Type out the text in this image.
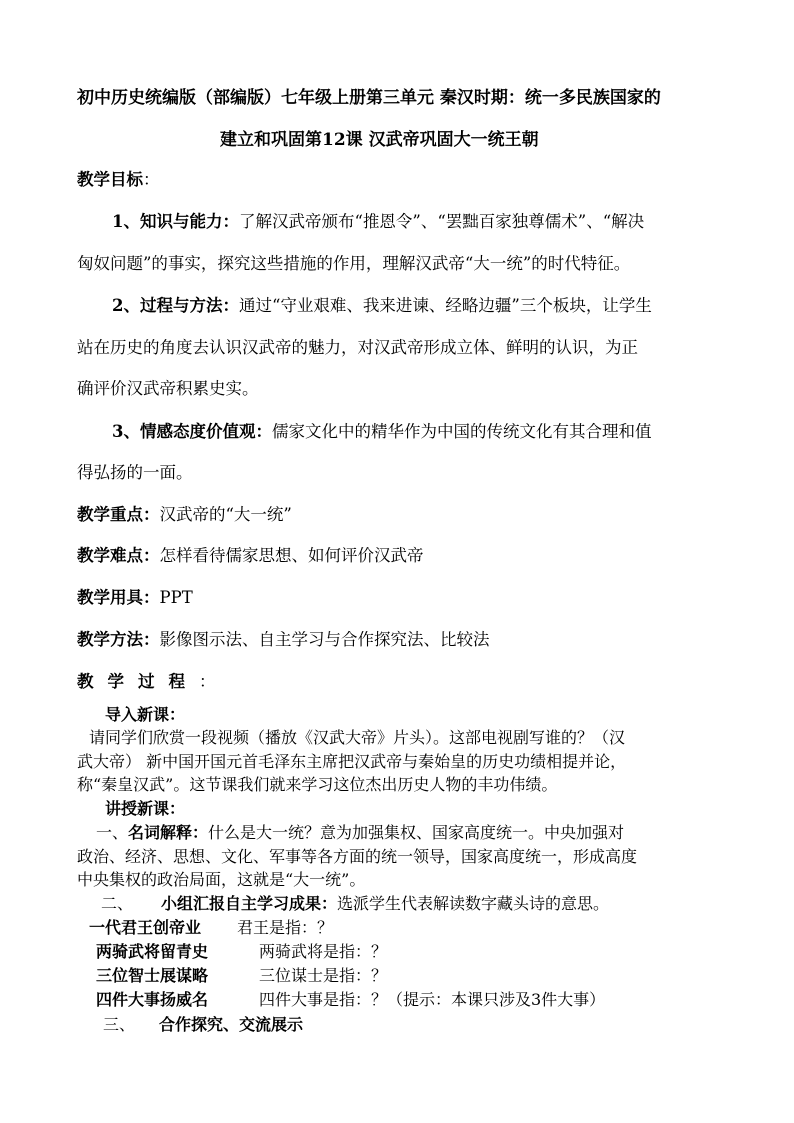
初中历史统编版（部编版）七年级上册第三单元 秦汉时期：统一多民族国家的
建立和巩固第12课 汉武帝巩固大一统王朝
教学目标：
1、知识与能力：了解汉武帝颁布“推恩令”、“罢黜百家独尊儒术”、“解决
匈奴问题”的事实，探究这些措施的作用，理解汉武帝“大一统”的时代特征。
2、过程与方法：通过“守业艰难、我来进谏、经略边疆”三个板块，让学生
站在历史的角度去认识汉武帝的魅力，对汉武帝形成立体、鲜明的认识，为正
确评价汉武帝积累史实。
3、情感态度价值观：儒家文化中的精华作为中国的传统文化有其合理和值
得弘扬的一面。
教学重点：汉武帝的“大一统”
教学难点：怎样看待儒家思想、如何评价汉武帝
教学用具：PPT
教学方法：影像图示法、自主学习与合作探究法、比较法
教学过程：
导入新课：
请同学们欣赏一段视频（播放《汉武大帝》片头）。这部电视剧写谁的？（汉
武大帝） 新中国开国元首毛泽东主席把汉武帝与秦始皇的历史功绩相提并论，
称“秦皇汉武”。这节课我们就来学习这位杰出历史人物的丰功伟绩。
讲授新课：
一、名词解释：什么是大一统？意为加强集权、国家高度统一。中央加强对
政治、经济、思想、文化、军事等各方面的统一领导，国家高度统一，形成高度
中央集权的政治局面，这就是“大一统”。
二、 小组汇报自主学习成果：选派学生代表解读数字藏头诗的意思。
一代君王创帝业 君王是指：？
两骑武将留青史	两骑武将是指：？
三位智士展谋略	三位谋士是指：？
四件大事扬威名	四件大事是指：？（提示：本课只涉及3件大事）
三、 合作探究、交流展示
